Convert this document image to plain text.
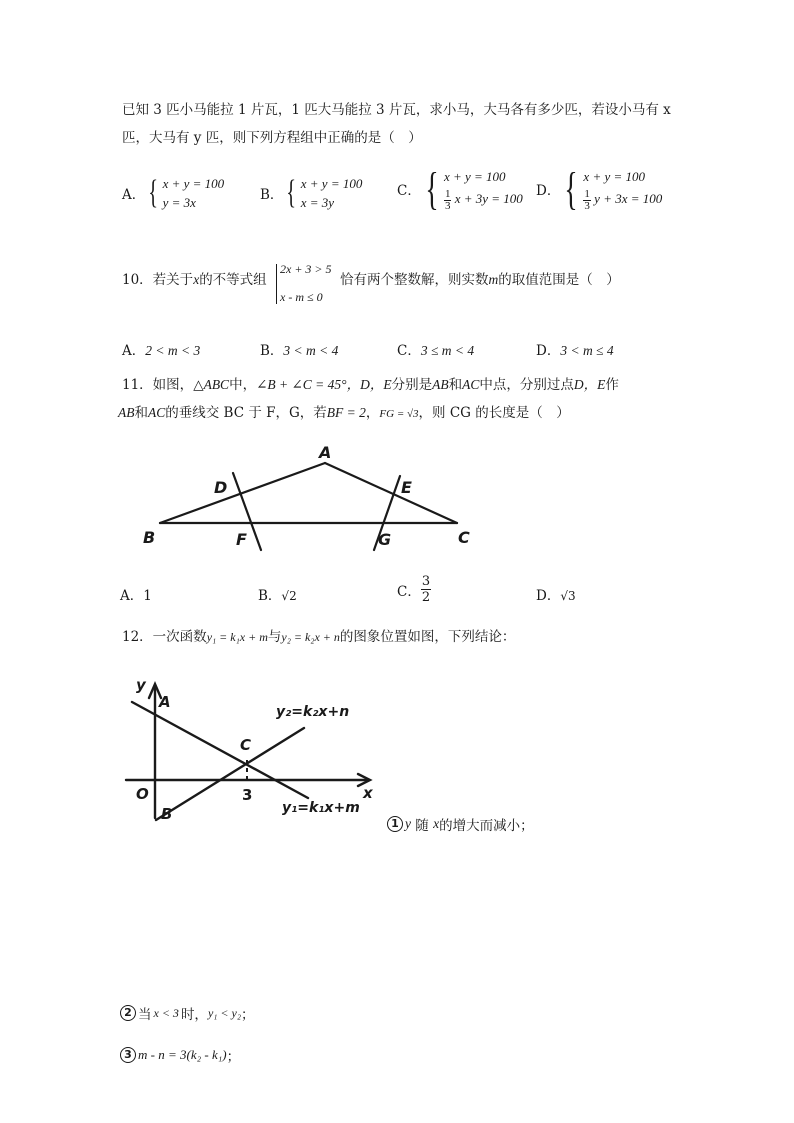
已知 3 匹小马能拉 1 片瓦，1 匹大马能拉 3 片瓦，求小马，大马各有多少匹，若设小马有 x
匹，大马有 y 匹，则下列方程组中正确的是（　）
A． { x + y = 100
y = 3x	B． { x + y = 100
x = 3y
C． { x + y = 100
$\frac{1}{3}$ x + 3y = 100 D． { x + y = 100
$\frac{1}{3}$ y + 3x = 100
10．若关于x的不等式组
2x + 3 > 5
x - m ≤ 0
恰有两个整数解，则实数m的取值范围是（　）
A．2 < m < 3	B．3 < m < 4	C．3 ≤ m < 4	D．3 < m ≤ 4
11．如图，△ABC中，∠B + ∠C = 45°，D，E分别是AB和AC中点，分别过点D，E作
AB和AC的垂线交 BC 于 F，G，若BF = 2，FG = √3，则 CG 的长度是（　）
A
B	C
D	E
F	G
A．1	B．√2	C． $\frac{3}{2}$	D．√3
12．一次函数y₁ = k₁x + m与y₂ = k₂x + n的图象位置如图，下列结论：
y
x
O
A
B
C
3
y₂=k₂x+n
y₁=k₁x+m
1 y 随 x 的增大而减小；
2 当 x < 3 时， y₁ < y₂ ；
3 m - n = 3(k₂ - k₁) ；
